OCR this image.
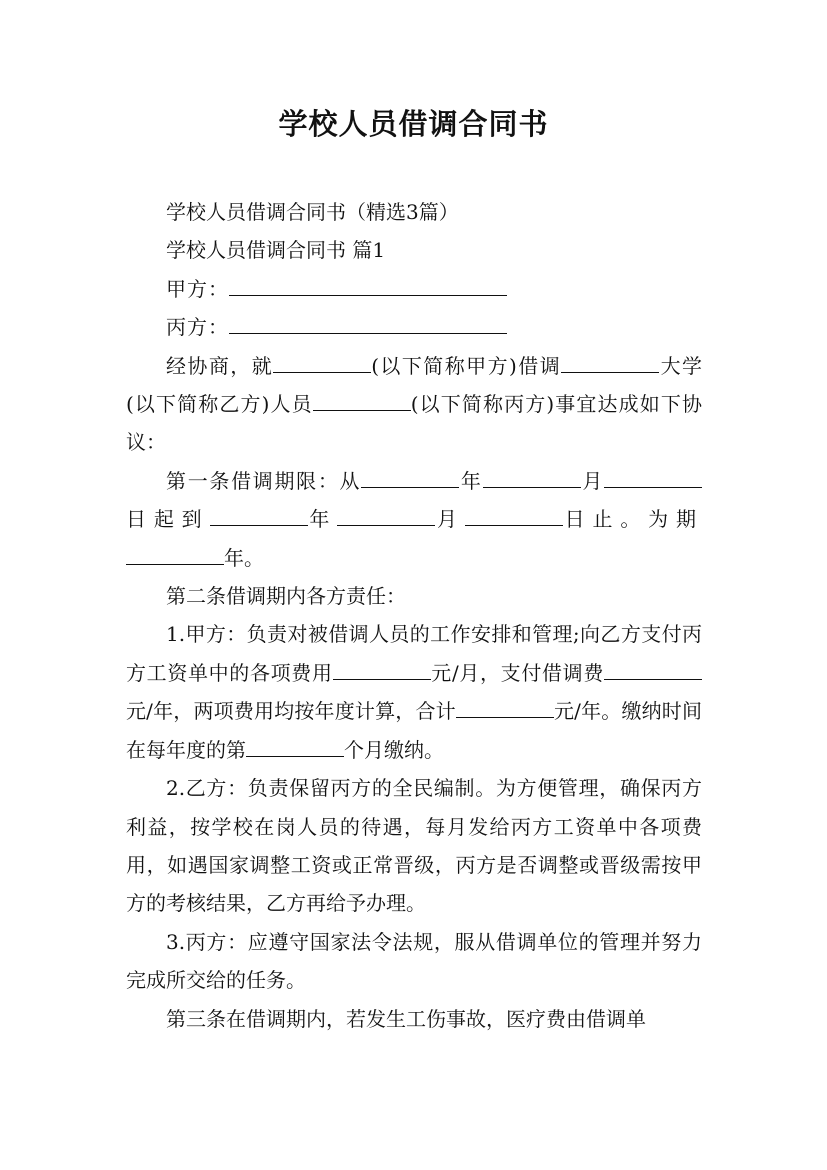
学校人员借调合同书

学校人员借调合同书（精选3篇）

学校人员借调合同书 篇1

甲方：

丙方：

经协商，就	(以下简称甲方)借调	大学(以下简称乙方)人员	(以下简称丙方)事宜达成如下协议：

第一条借调期限：从	年	月日起到	年	月	日止。为期年。

第二条借调期内各方责任：

1.甲方：负责对被借调人员的工作安排和管理;向乙方支付丙方工资单中的各项费用	元/月，支付借调费元/年，两项费用均按年度计算，合计	元/年。缴纳时间在每年度的第	个月缴纳。

2.乙方：负责保留丙方的全民编制。为方便管理，确保丙方利益，按学校在岗人员的待遇，每月发给丙方工资单中各项费用，如遇国家调整工资或正常晋级，丙方是否调整或晋级需按甲方的考核结果，乙方再给予办理。

3.丙方：应遵守国家法令法规，服从借调单位的管理并努力完成所交给的任务。

第三条在借调期内，若发生工伤事故，医疗费由借调单
